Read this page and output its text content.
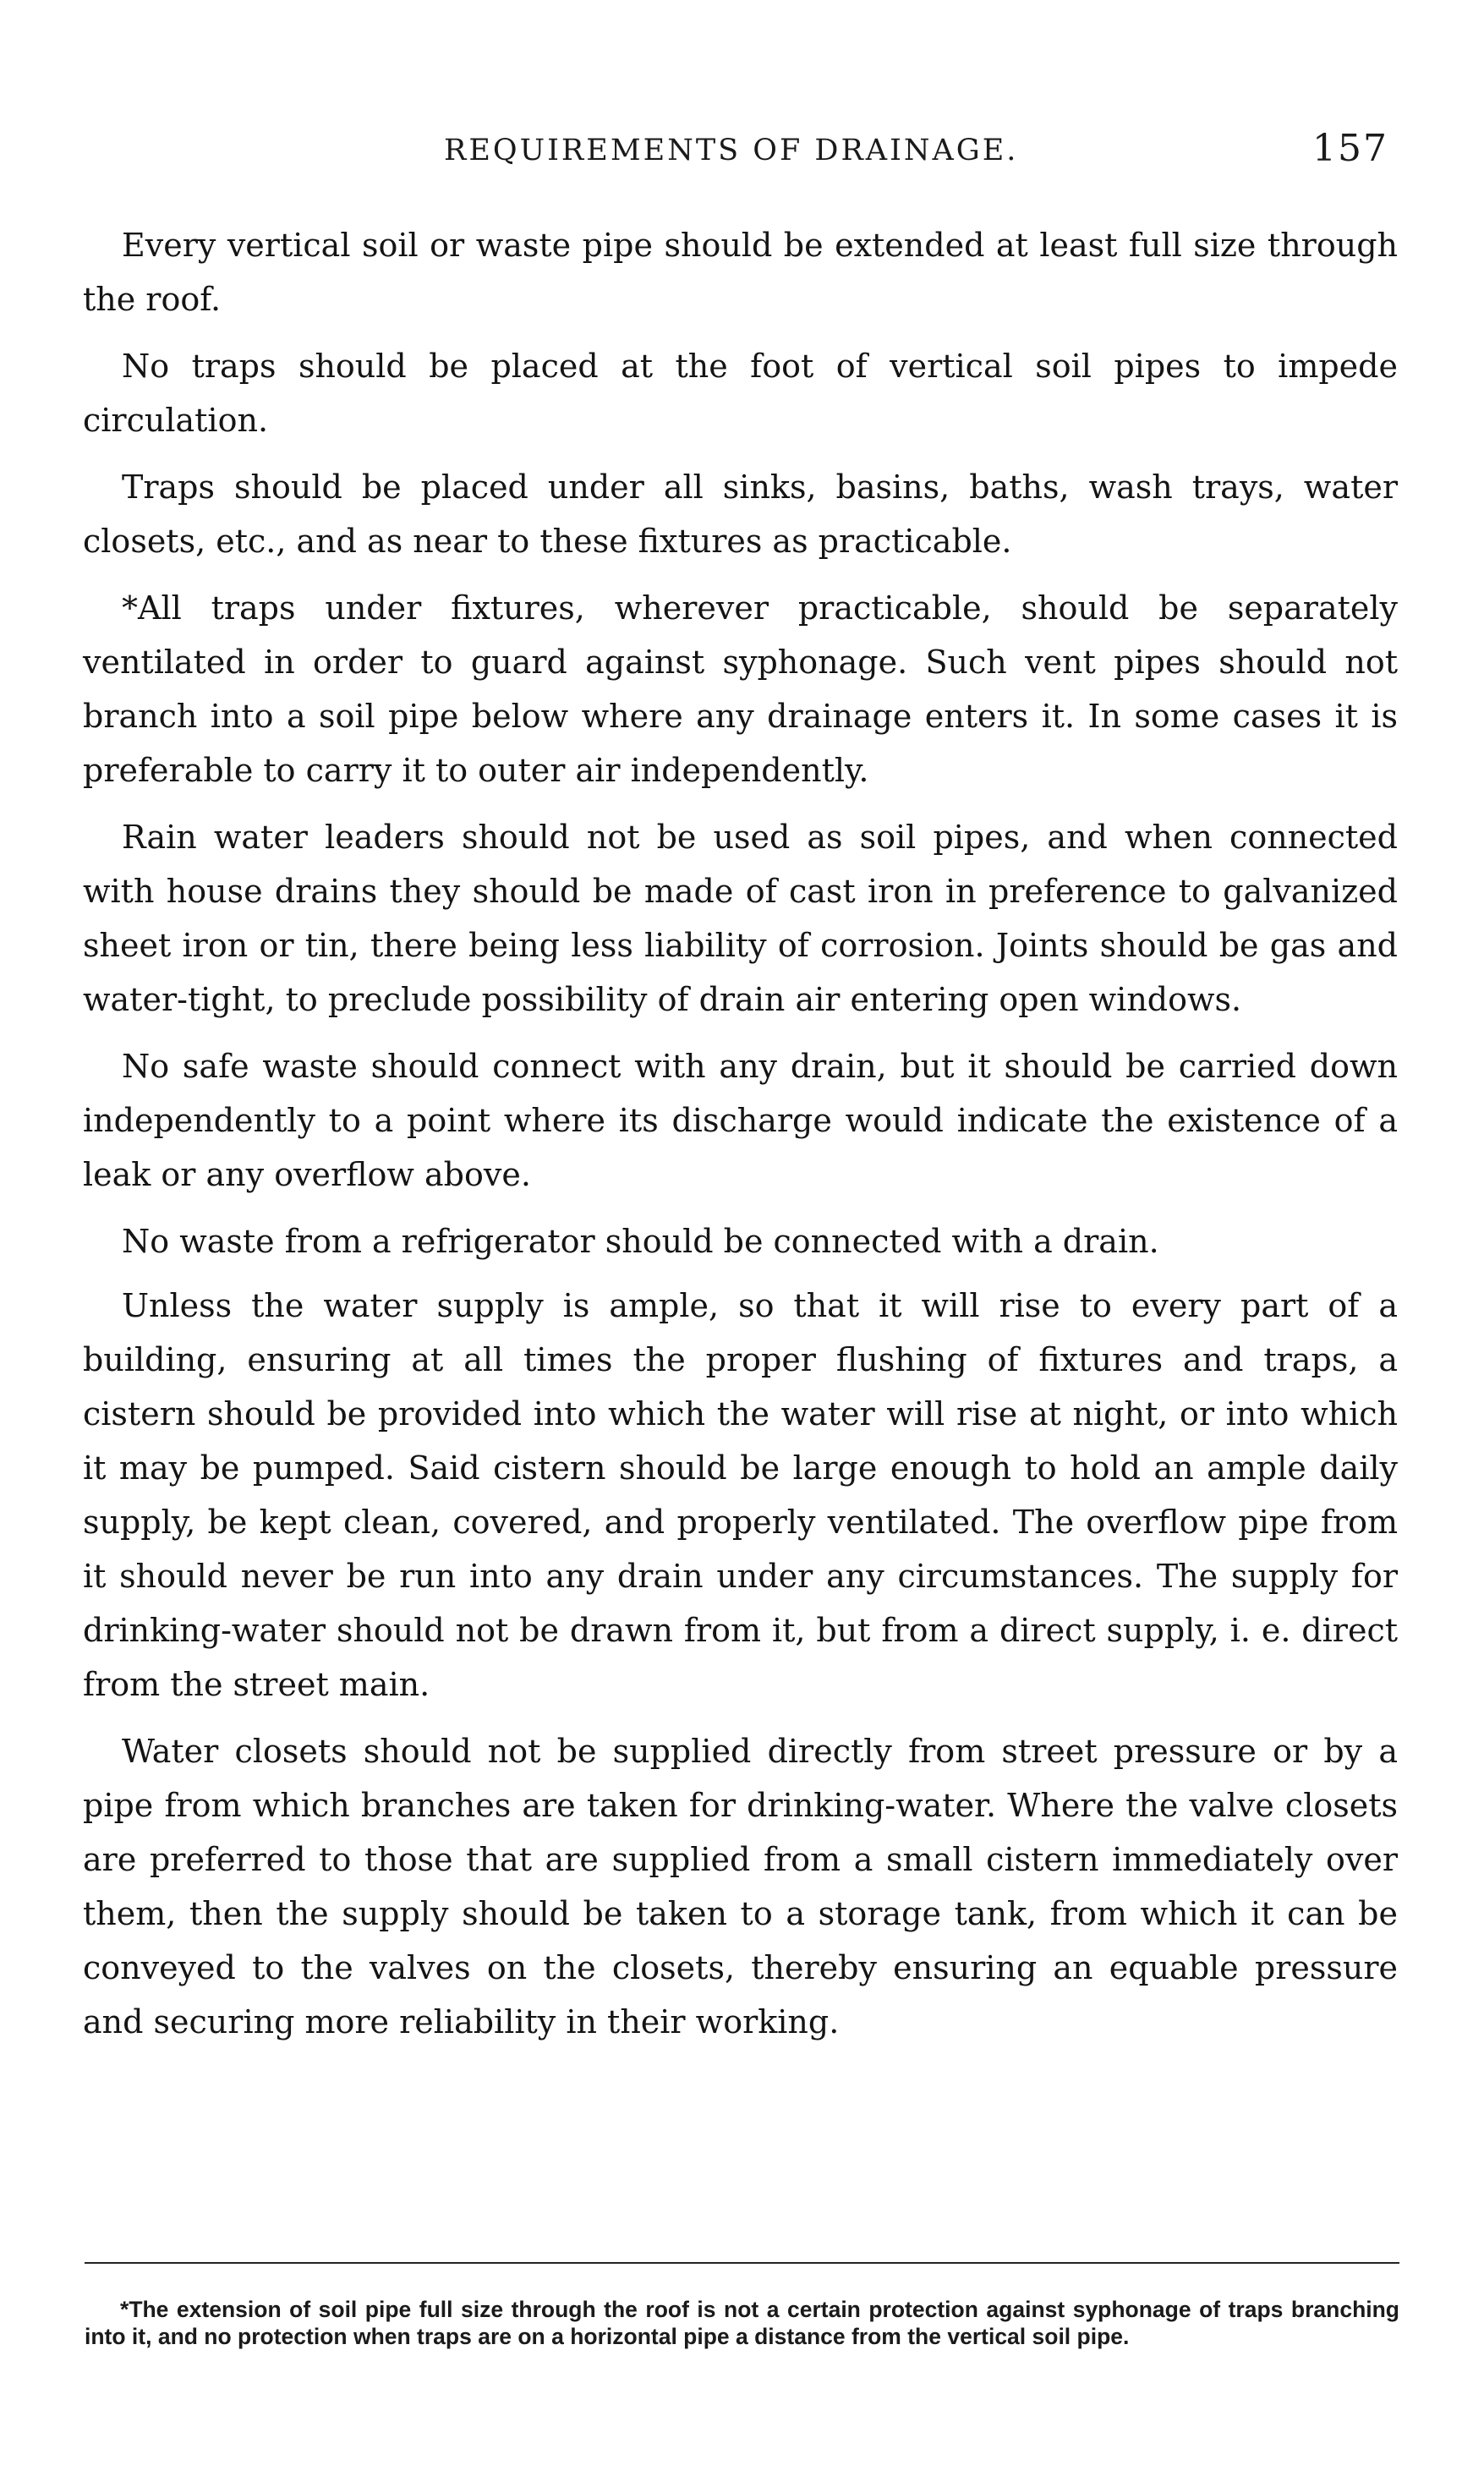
REQUIREMENTS OF DRAINAGE.	157

Every vertical soil or waste pipe should be extended at least full size through the roof.

No traps should be placed at the foot of vertical soil pipes to impede circulation.

Traps should be placed under all sinks, basins, baths, wash trays, water closets, etc., and as near to these fixtures as practicable.

*All traps under fixtures, wherever practicable, should be separately ventilated in order to guard against syphonage. Such vent pipes should not branch into a soil pipe below where any drainage enters it. In some cases it is preferable to carry it to outer air independently.

Rain water leaders should not be used as soil pipes, and when connected with house drains they should be made of cast iron in preference to galvanized sheet iron or tin, there being less liability of corrosion. Joints should be gas and water-tight, to preclude possibility of drain air entering open windows.

No safe waste should connect with any drain, but it should be carried down independently to a point where its discharge would indicate the existence of a leak or any overflow above.

No waste from a refrigerator should be connected with a drain.

Unless the water supply is ample, so that it will rise to every part of a building, ensuring at all times the proper flushing of fixtures and traps, a cistern should be provided into which the water will rise at night, or into which it may be pumped. Said cistern should be large enough to hold an ample daily supply, be kept clean, covered, and properly ventilated. The overflow pipe from it should never be run into any drain under any circumstances. The supply for drinking-water should not be drawn from it, but from a direct supply, i. e. direct from the street main.

Water closets should not be supplied directly from street pressure or by a pipe from which branches are taken for drinking-water. Where the valve closets are preferred to those that are supplied from a small cistern immediately over them, then the supply should be taken to a storage tank, from which it can be conveyed to the valves on the closets, thereby ensuring an equable pressure and securing more reliability in their working.

*The extension of soil pipe full size through the roof is not a certain protection against syphonage of traps branching into it, and no protection when traps are on a horizontal pipe a distance from the vertical soil pipe.
